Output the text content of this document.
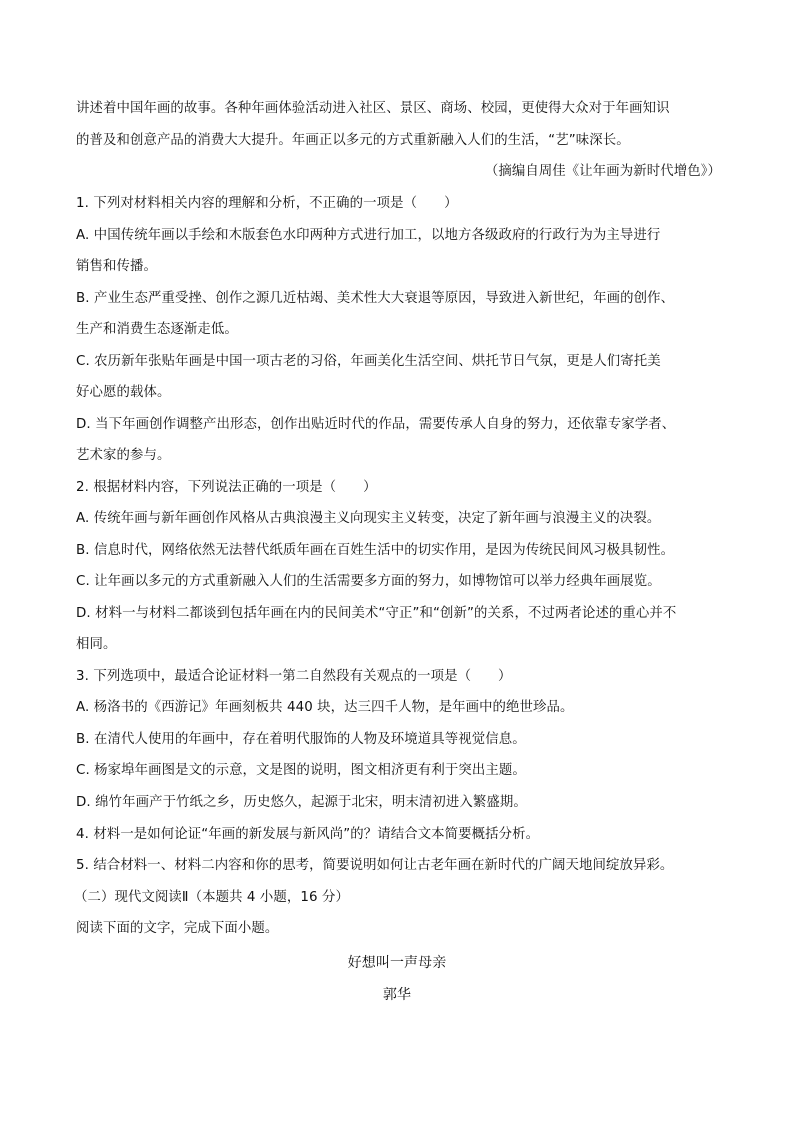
讲述着中国年画的故事。各种年画体验活动进入社区、景区、商场、校园，更使得大众对于年画知识
的普及和创意产品的消费大大提升。年画正以多元的方式重新融入人们的生活，“艺”味深长。
（摘编自周佳《让年画为新时代增色》）
1. 下列对材料相关内容的理解和分析，不正确的一项是（　　）
A. 中国传统年画以手绘和木版套色水印两种方式进行加工，以地方各级政府的行政行为为主导进行
销售和传播。
B. 产业生态严重受挫、创作之源几近枯竭、美术性大大衰退等原因，导致进入新世纪，年画的创作、
生产和消费生态逐渐走低。
C. 农历新年张贴年画是中国一项古老的习俗，年画美化生活空间、烘托节日气氛，更是人们寄托美
好心愿的载体。
D. 当下年画创作调整产出形态，创作出贴近时代的作品，需要传承人自身的努力，还依靠专家学者、
艺术家的参与。
2. 根据材料内容，下列说法正确的一项是（　　）
A. 传统年画与新年画创作风格从古典浪漫主义向现实主义转变，决定了新年画与浪漫主义的决裂。
B. 信息时代，网络依然无法替代纸质年画在百姓生活中的切实作用，是因为传统民间风习极具韧性。
C. 让年画以多元的方式重新融入人们的生活需要多方面的努力，如博物馆可以举力经典年画展览。
D. 材料一与材料二都谈到包括年画在内的民间美术“守正”和“创新”的关系，不过两者论述的重心并不
相同。
3. 下列选项中，最适合论证材料一第二自然段有关观点的一项是（　　）
A. 杨洛书的《西游记》年画刻板共 440 块，达三四千人物，是年画中的绝世珍品。
B. 在清代人使用的年画中，存在着明代服饰的人物及环境道具等视觉信息。
C. 杨家埠年画图是文的示意，文是图的说明，图文相济更有利于突出主题。
D. 绵竹年画产于竹纸之乡，历史悠久，起源于北宋，明末清初进入繁盛期。
4. 材料一是如何论证“年画的新发展与新风尚”的？请结合文本简要概括分析。
5. 结合材料一、材料二内容和你的思考，简要说明如何让古老年画在新时代的广阔天地间绽放异彩。
（二）现代文阅读Ⅱ（本题共 4 小题，16 分）
阅读下面的文字，完成下面小题。
好想叫一声母亲
郭华
